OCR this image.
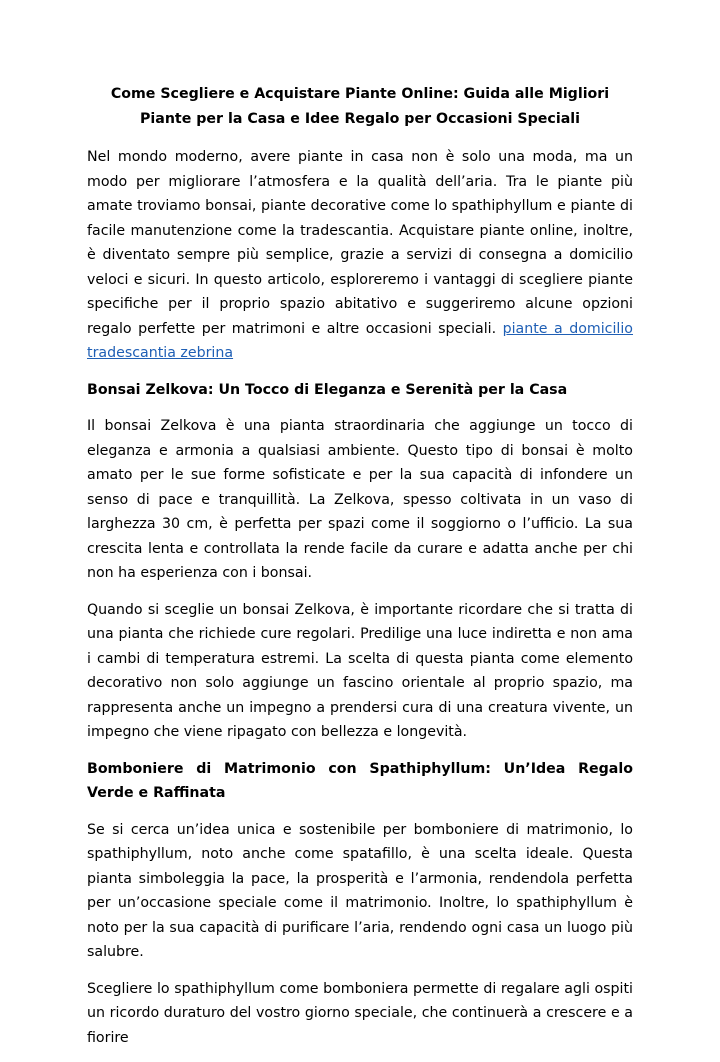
Come Scegliere e Acquistare Piante Online: Guida alle Migliori Piante per la Casa e Idee Regalo per Occasioni Speciali

Nel mondo moderno, avere piante in casa non è solo una moda, ma un modo per migliorare l’atmosfera e la qualità dell’aria. Tra le piante più amate troviamo bonsai, piante decorative come lo spathiphyllum e piante di facile manutenzione come la tradescantia. Acquistare piante online, inoltre, è diventato sempre più semplice, grazie a servizi di consegna a domicilio veloci e sicuri. In questo articolo, esploreremo i vantaggi di scegliere piante specifiche per il proprio spazio abitativo e suggeriremo alcune opzioni regalo perfette per matrimoni e altre occasioni speciali. piante a domicilio tradescantia zebrina

Bonsai Zelkova: Un Tocco di Eleganza e Serenità per la Casa

Il bonsai Zelkova è una pianta straordinaria che aggiunge un tocco di eleganza e armonia a qualsiasi ambiente. Questo tipo di bonsai è molto amato per le sue forme sofisticate e per la sua capacità di infondere un senso di pace e tranquillità. La Zelkova, spesso coltivata in un vaso di larghezza 30 cm, è perfetta per spazi come il soggiorno o l’ufficio. La sua crescita lenta e controllata la rende facile da curare e adatta anche per chi non ha esperienza con i bonsai.

Quando si sceglie un bonsai Zelkova, è importante ricordare che si tratta di una pianta che richiede cure regolari. Predilige una luce indiretta e non ama i cambi di temperatura estremi. La scelta di questa pianta come elemento decorativo non solo aggiunge un fascino orientale al proprio spazio, ma rappresenta anche un impegno a prendersi cura di una creatura vivente, un impegno che viene ripagato con bellezza e longevità.

Bomboniere di Matrimonio con Spathiphyllum: Un’Idea Regalo Verde e Raffinata

Se si cerca un’idea unica e sostenibile per bomboniere di matrimonio, lo spathiphyllum, noto anche come spatafillo, è una scelta ideale. Questa pianta simboleggia la pace, la prosperità e l’armonia, rendendola perfetta per un’occasione speciale come il matrimonio. Inoltre, lo spathiphyllum è noto per la sua capacità di purificare l’aria, rendendo ogni casa un luogo più salubre.

Scegliere lo spathiphyllum come bomboniera permette di regalare agli ospiti un ricordo duraturo del vostro giorno speciale, che continuerà a crescere e a fiorire
